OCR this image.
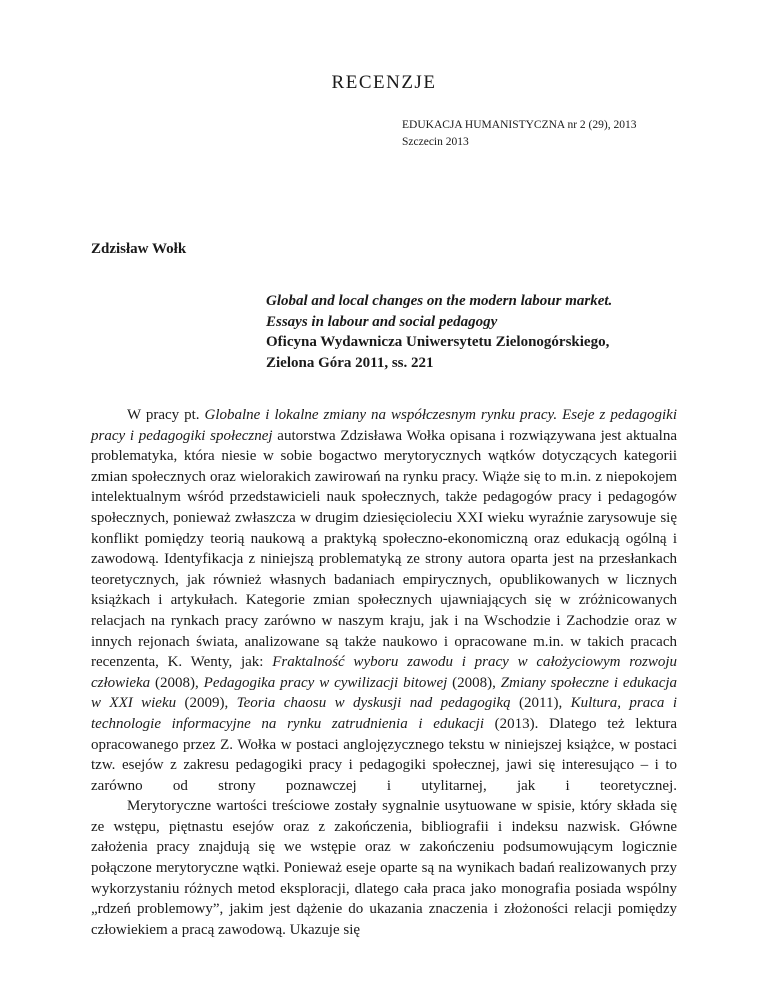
RECENZJE
EDUKACJA HUMANISTYCZNA nr 2 (29), 2013
Szczecin 2013
Zdzisław Wołk
Global and local changes on the modern labour market.
Essays in labour and social pedagogy
Oficyna Wydawnicza Uniwersytetu Zielonogórskiego,
Zielona Góra 2011, ss. 221

W pracy pt. Globalne i lokalne zmiany na współczesnym rynku pracy. Eseje z pedagogiki pracy i pedagogiki społecznej autorstwa Zdzisława Wołka opisana i rozwiązywana jest aktualna problematyka, która niesie w sobie bogactwo merytorycznych wątków dotyczących kategorii zmian społecznych oraz wielorakich zawirowań na rynku pracy. Wiąże się to m.in. z niepokojem intelektualnym wśród przedstawicieli nauk społecznych, także pedagogów pracy i pedagogów społecznych, ponieważ zwłaszcza w drugim dziesięcioleciu XXI wieku wyraźnie zarysowuje się konflikt pomiędzy teorią naukową a praktyką społeczno-ekonomiczną oraz edukacją ogólną i zawodową. Identyfikacja z niniejszą problematyką ze strony autora oparta jest na przesłankach teoretycznych, jak również własnych badaniach empirycznych, opublikowanych w licznych książkach i artykułach. Kategorie zmian społecznych ujawniających się w zróżnicowanych relacjach na rynkach pracy zarówno w naszym kraju, jak i na Wschodzie i Zachodzie oraz w innych rejonach świata, analizowane są także naukowo i opracowane m.in. w takich pracach recenzenta, K. Wenty, jak: Fraktalność wyboru zawodu i pracy w całożyciowym rozwoju człowieka (2008), Pedagogika pracy w cywilizacji bitowej (2008), Zmiany społeczne i edukacja w XXI wieku (2009), Teoria chaosu w dyskusji nad pedagogiką (2011), Kultura, praca i technologie informacyjne na rynku zatrudnienia i edukacji (2013). Dlatego też lektura opracowanego przez Z. Wołka w postaci anglojęzycznego tekstu w niniejszej książce, w postaci tzw. esejów z zakresu pedagogiki pracy i pedagogiki społecznej, jawi się interesująco – i to zarówno od strony poznawczej i utylitarnej, jak i teoretycznej.

Merytoryczne wartości treściowe zostały sygnalnie usytuowane w spisie, który składa się ze wstępu, piętnastu esejów oraz z zakończenia, bibliografii i indeksu nazwisk. Główne założenia pracy znajdują się we wstępie oraz w zakończeniu podsumowującym logicznie połączone merytoryczne wątki. Ponieważ eseje oparte są na wynikach badań realizowanych przy wykorzystaniu różnych metod eksploracji, dlatego cała praca jako monografia posiada wspólny „rdzeń problemowy”, jakim jest dążenie do ukazania znaczenia i złożoności relacji pomiędzy człowiekiem a pracą zawodową. Ukazuje się
